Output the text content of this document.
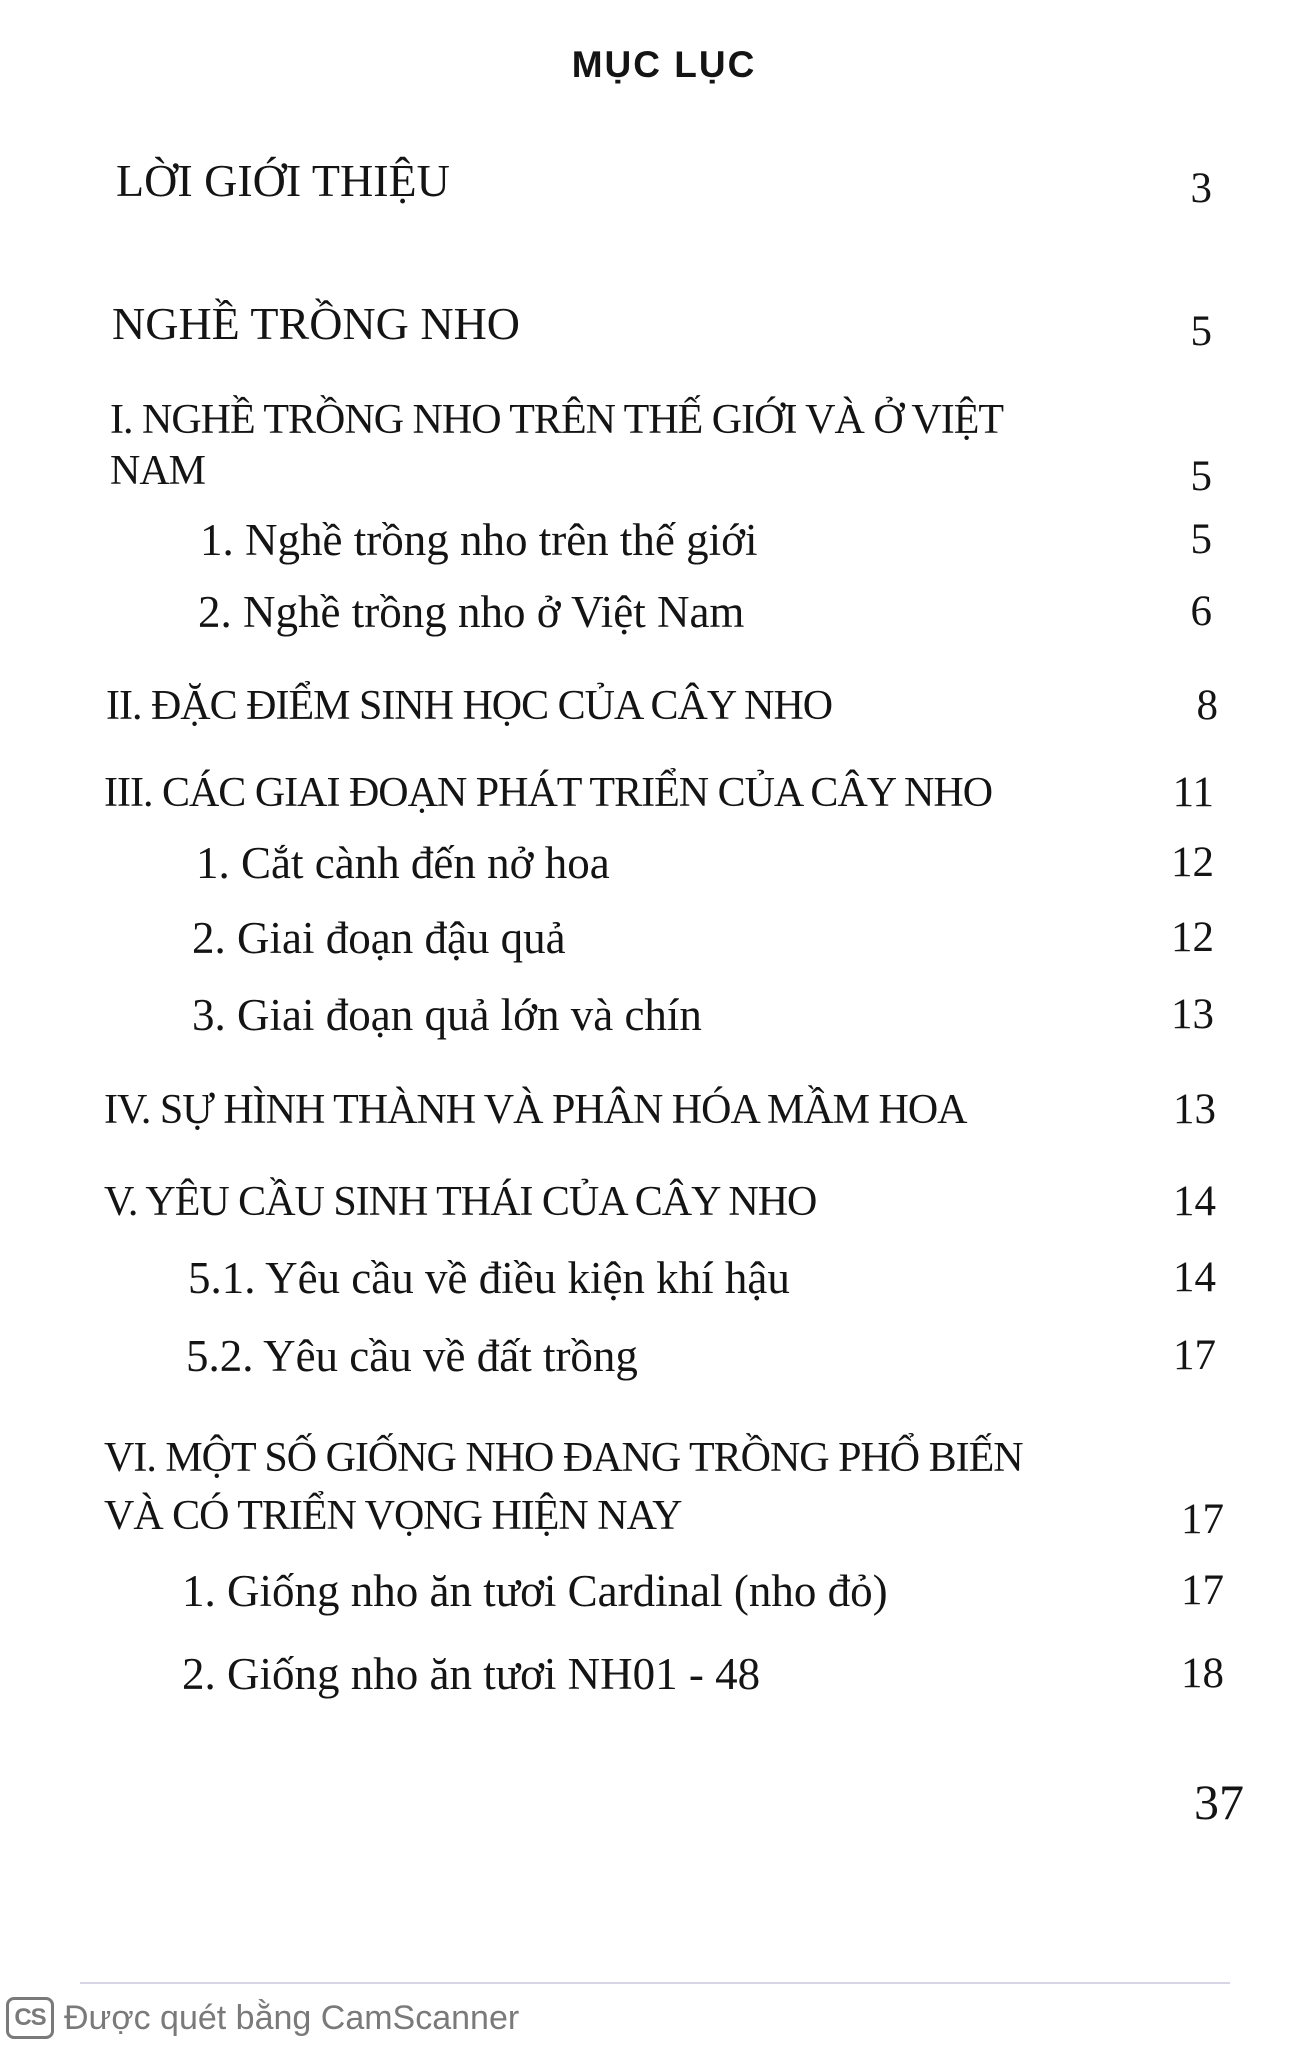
MỤC LỤC
LỜI GIỚI THIỆU	3
NGHỀ TRỒNG NHO	5
I. NGHỀ TRỒNG NHO TRÊN THẾ GIỚI VÀ Ở VIỆT
NAM	5
1. Nghề trồng nho trên thế giới	5
2. Nghề trồng nho ở Việt Nam	6
II. ĐẶC ĐIỂM SINH HỌC CỦA CÂY NHO	8
III. CÁC GIAI ĐOẠN PHÁT TRIỂN CỦA CÂY NHO	11
1. Cắt cành đến nở hoa	12
2. Giai đoạn đậu quả	12
3. Giai đoạn quả lớn và chín	13
IV. SỰ HÌNH THÀNH VÀ PHÂN HÓA MẦM HOA	13
V. YÊU CẦU SINH THÁI CỦA CÂY NHO	14
5.1. Yêu cầu về điều kiện khí hậu	14
5.2. Yêu cầu về đất trồng	17
VI. MỘT SỐ GIỐNG NHO ĐANG TRỒNG PHỔ BIẾN
VÀ CÓ TRIỂN VỌNG HIỆN NAY	17
1. Giống nho ăn tươi Cardinal (nho đỏ)	17
2. Giống nho ăn tươi NH01 - 48	18
37
CS Được quét bằng CamScanner
